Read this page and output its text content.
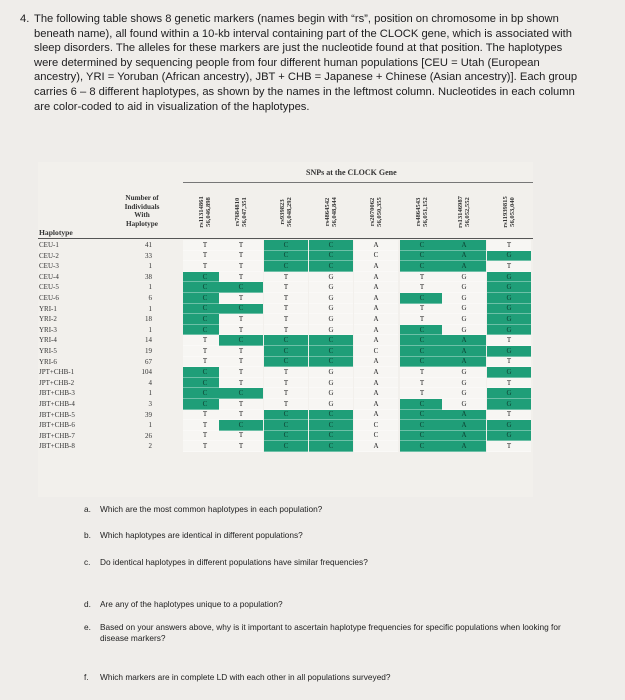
4. The following table shows 8 genetic markers (names begin with “rs”, position on chromosome in bp shown beneath name), all found within a 10-kb interval containing part of the CLOCK gene, which is associated with sleep disorders. The alleles for these markers are just the nucleotide found at that position. The haplotypes were determined by sequencing people from four different human populations [CEU = Utah (European ancestry), YRI = Yoruban (African ancestry), JBT + CHB = Japanese + Chinese (Asian ancestry)]. Each group carries 6 – 8 different haplotypes, as shown by the names in the leftmost column. Nucleotides in each column are color-coded to aid in visualization of the haplotypes.
SNPs at the CLOCK Gene
rs11314861 56,046,898	rs7684810 56,047,351	rs939823 56,048,292	rs4864542 56,048,844	rs2070062 56,050,355	rs4864543 56,051,152	rs13146987 56,052,552	rs11939815 56,053,040
Number of
Individuals
With
Haplotype
Haplotype
CEU-1	41	T	T	C	C	A	C	A	T
CEU-2	33	T	T	C	C	C	C	A	G
CEU-3	1	T	T	C	C	A	C	A	T
CEU-4	38	C	T	T	G	A	T	G	G
CEU-5	1	C	C	T	G	A	T	G	G
CEU-6	6	C	T	T	G	A	C	G	G
YRI-1	1	C	C	T	G	A	T	G	G
YRI-2	18	C	T	T	G	A	T	G	G
YRI-3	1	C	T	T	G	A	C	G	G
YRI-4	14	T	C	C	C	A	C	A	T
YRI-5	19	T	T	C	C	C	C	A	G
YRI-6	67	T	T	C	C	A	C	A	T
JPT+CHB-1	104	C	T	T	G	A	T	G	G
JPT+CHB-2	4	C	T	T	G	A	T	G	T
JBT+CHB-3	1	C	C	T	G	A	T	G	G
JBT+CHB-4	3	C	T	T	G	A	C	G	G
JBT+CHB-5	39	T	T	C	C	A	C	A	T
JBT+CHB-6	1	T	C	C	C	C	C	A	G
JBT+CHB-7	26	T	T	C	C	C	C	A	G
JBT+CHB-8	2	T	T	C	C	A	C	A	T
a. Which are the most common haplotypes in each population?
b. Which haplotypes are identical in different populations?
c. Do identical haplotypes in different populations have similar frequencies?
d. Are any of the haplotypes unique to a population?
e. Based on your answers above, why is it important to ascertain haplotype frequencies for specific populations when looking for disease markers?
f. Which markers are in complete LD with each other in all populations surveyed?
